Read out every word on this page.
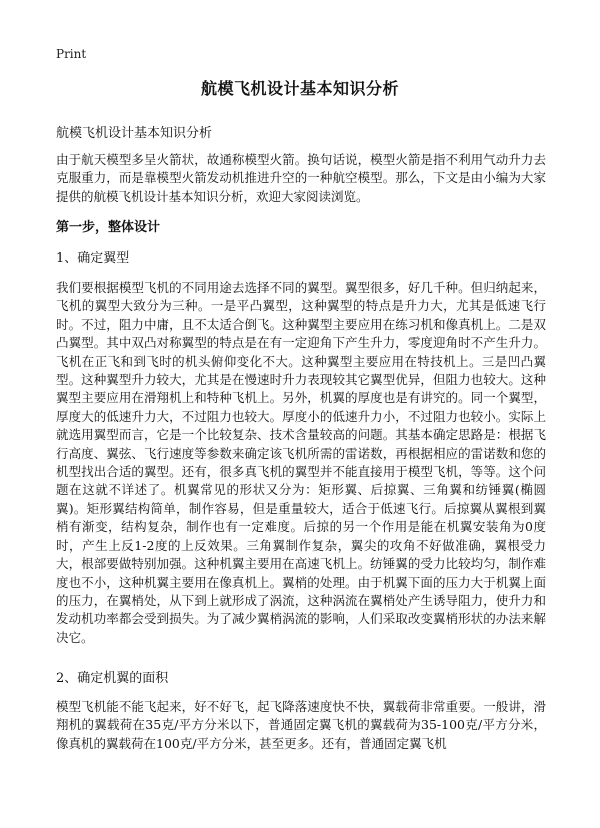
Print
航模飞机设计基本知识分析
航模飞机设计基本知识分析

由于航天模型多呈火箭状，故通称模型火箭。换句话说，模型火箭是指不利用气动升力去克服重力，而是靠模型火箭发动机推进升空的一种航空模型。那么，下文是由小编为大家提供的航模飞机设计基本知识分析，欢迎大家阅读浏览。

第一步，整体设计
1、确定翼型

我们要根据模型飞机的不同用途去选择不同的翼型。翼型很多，好几千种。但归纳起来，飞机的翼型大致分为三种。一是平凸翼型，这种翼型的特点是升力大，尤其是低速飞行时。不过，阻力中庸，且不太适合倒飞。这种翼型主要应用在练习机和像真机上。二是双凸翼型。其中双凸对称翼型的特点是在有一定迎角下产生升力，零度迎角时不产生升力。飞机在正飞和到飞时的机头俯仰变化不大。这种翼型主要应用在特技机上。三是凹凸翼型。这种翼型升力较大，尤其是在慢速时升力表现较其它翼型优异，但阻力也较大。这种翼型主要应用在滑翔机上和特种飞机上。另外，机翼的厚度也是有讲究的。同一个翼型，厚度大的低速升力大，不过阻力也较大。厚度小的低速升力小，不过阻力也较小。实际上就选用翼型而言，它是一个比较复杂、技术含量较高的问题。其基本确定思路是：根据飞行高度、翼弦、飞行速度等参数来确定该飞机所需的雷诺数，再根据相应的雷诺数和您的机型找出合适的翼型。还有，很多真飞机的翼型并不能直接用于模型飞机，等等。这个问题在这就不详述了。机翼常见的形状又分为：矩形翼、后掠翼、三角翼和纺锤翼(椭圆翼)。矩形翼结构简单，制作容易，但是重量较大，适合于低速飞行。后掠翼从翼根到翼梢有渐变，结构复杂，制作也有一定难度。后掠的另一个作用是能在机翼安装角为0度时，产生上反1-2度的上反效果。三角翼制作复杂，翼尖的攻角不好做准确，翼根受力大，根部要做特别加强。这种机翼主要用在高速飞机上。纺锤翼的受力比较均匀，制作难度也不小，这种机翼主要用在像真机上。翼梢的处理。由于机翼下面的压力大于机翼上面的压力，在翼梢处，从下到上就形成了涡流，这种涡流在翼梢处产生诱导阻力，使升力和发动机功率都会受到损失。为了减少翼梢涡流的影响，人们采取改变翼梢形状的办法来解决它。

2、确定机翼的面积

模型飞机能不能飞起来，好不好飞，起飞降落速度快不快，翼载荷非常重要。一般讲，滑翔机的翼载荷在35克/平方分米以下，普通固定翼飞机的翼载荷为35-100克/平方分米，像真机的翼载荷在100克/平方分米，甚至更多。还有，普通固定翼飞机
